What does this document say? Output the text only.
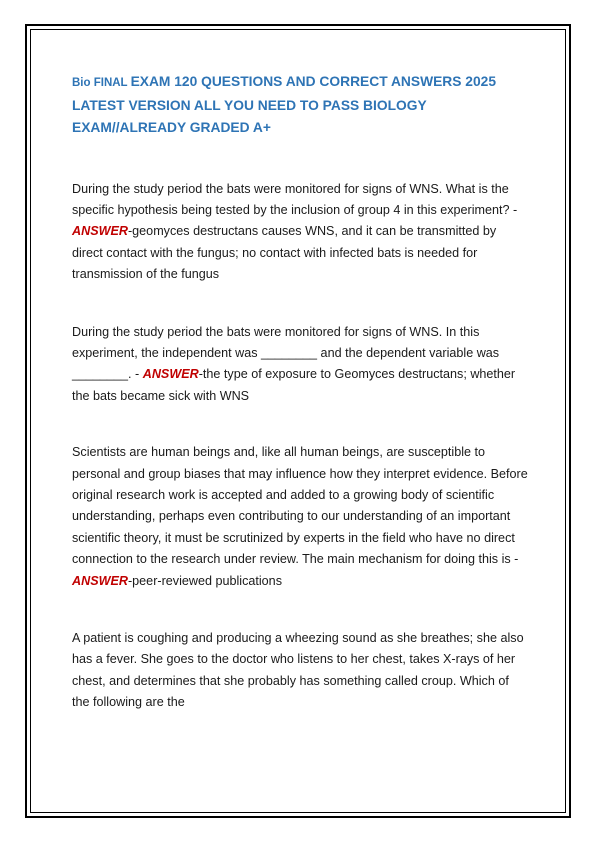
Bio FINAL EXAM 120 QUESTIONS AND CORRECT ANSWERS 2025 LATEST VERSION ALL YOU NEED TO PASS BIOLOGY EXAM//ALREADY GRADED A+

During the study period the bats were monitored for signs of WNS. What is the specific hypothesis being tested by the inclusion of group 4 in this experiment? - ANSWER-geomyces destructans causes WNS, and it can be transmitted by direct contact with the fungus; no contact with infected bats is needed for transmission of the fungus

During the study period the bats were monitored for signs of WNS. In this experiment, the independent was ________ and the dependent variable was ________. - ANSWER-the type of exposure to Geomyces destructans; whether the bats became sick with WNS

Scientists are human beings and, like all human beings, are susceptible to personal and group biases that may influence how they interpret evidence. Before original research work is accepted and added to a growing body of scientific understanding, perhaps even contributing to our understanding of an important scientific theory, it must be scrutinized by experts in the field who have no direct connection to the research under review. The main mechanism for doing this is - ANSWER-peer-reviewed publications

A patient is coughing and producing a wheezing sound as she breathes; she also has a fever. She goes to the doctor who listens to her chest, takes X-rays of her chest, and determines that she probably has something called croup. Which of the following are the
